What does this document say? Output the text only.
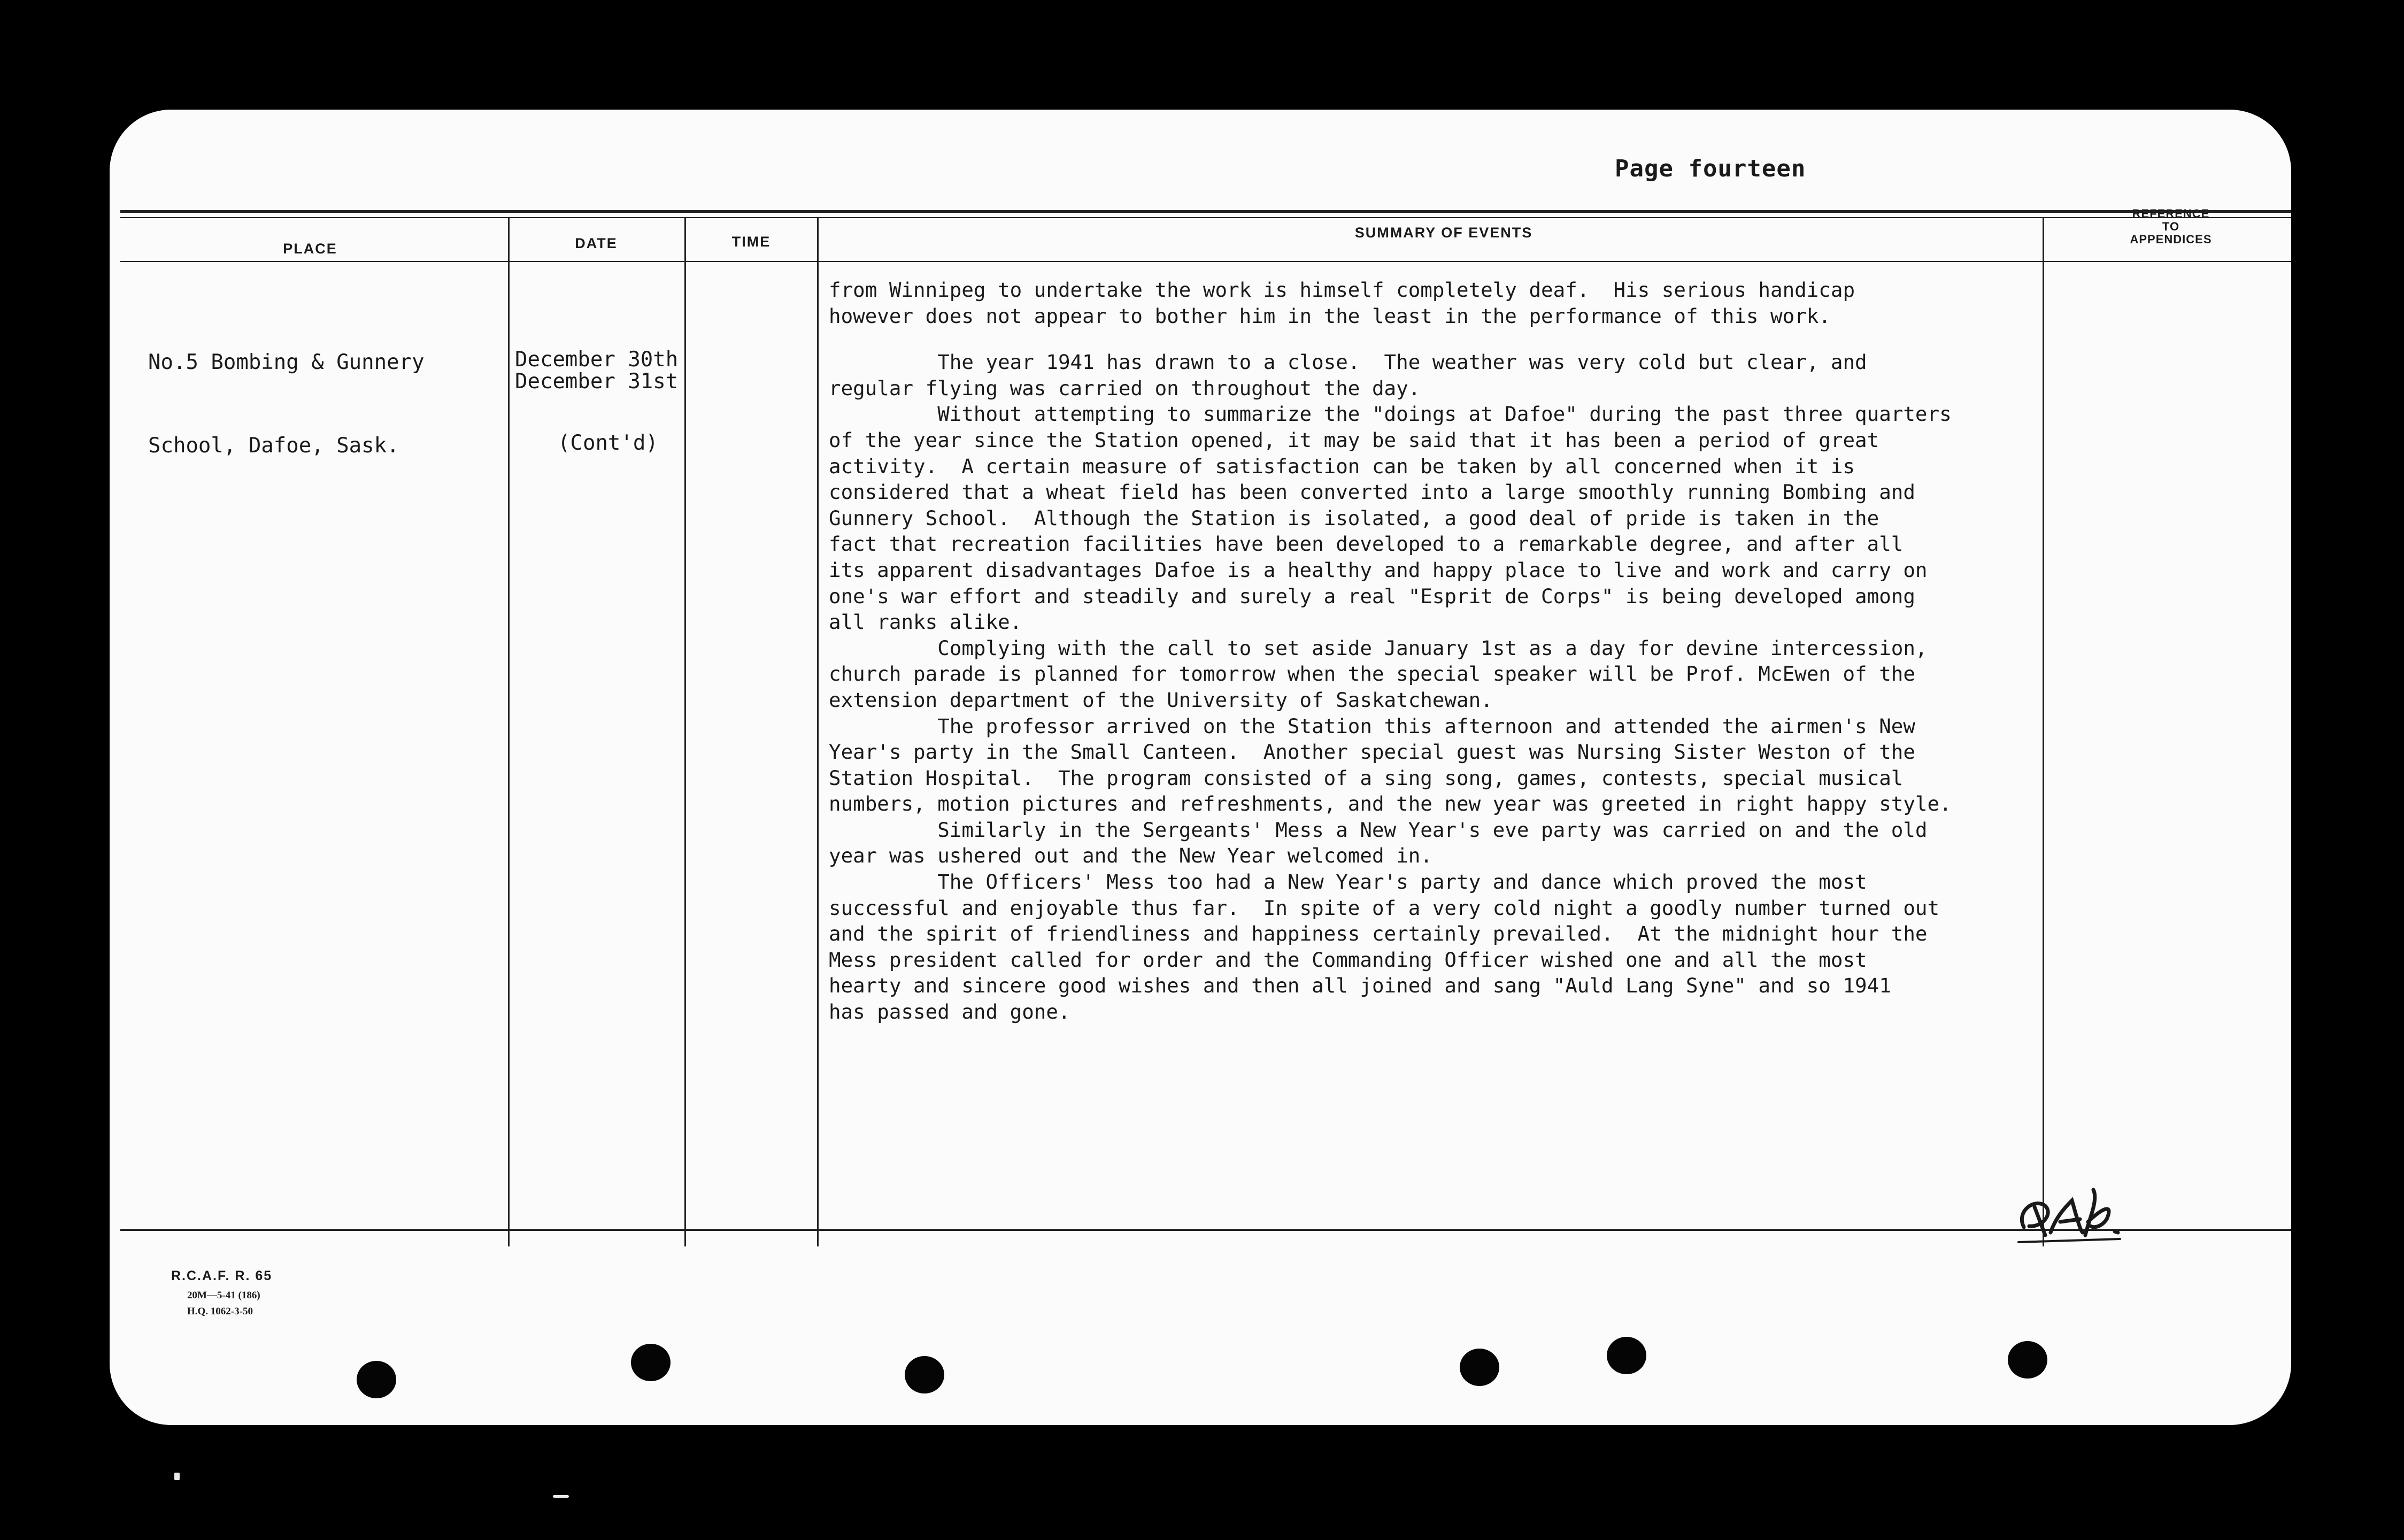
Page fourteen
PLACE	DATE	TIME
SUMMARY OF EVENTS
REFERENCE
TO
APPENDICES

No.5 Bombing & Gunnery

School, Dafoe, Sask.

December 30th

(Cont'd)

December 31st

from Winnipeg to undertake the work is himself completely deaf.  His serious handicap

however does not appear to bother him in the least in the performance of this work.

The year 1941 has drawn to a close.  The weather was very cold but clear, and

regular flying was carried on throughout the day.

Without attempting to summarize the "doings at Dafoe" during the past three quarters

of the year since the Station opened, it may be said that it has been a period of great

activity.  A certain measure of satisfaction can be taken by all concerned when it is

considered that a wheat field has been converted into a large smoothly running Bombing and

Gunnery School.  Although the Station is isolated, a good deal of pride is taken in the

fact that recreation facilities have been developed to a remarkable degree, and after all

its apparent disadvantages Dafoe is a healthy and happy place to live and work and carry on

one's war effort and steadily and surely a real "Esprit de Corps" is being developed among

all ranks alike.

Complying with the call to set aside January 1st as a day for devine intercession,

church parade is planned for tomorrow when the special speaker will be Prof. McEwen of the

extension department of the University of Saskatchewan.

The professor arrived on the Station this afternoon and attended the airmen's New

Year's party in the Small Canteen.  Another special guest was Nursing Sister Weston of the

Station Hospital.  The program consisted of a sing song, games, contests, special musical

numbers, motion pictures and refreshments, and the new year was greeted in right happy style.

Similarly in the Sergeants' Mess a New Year's eve party was carried on and the old

year was ushered out and the New Year welcomed in.

The Officers' Mess too had a New Year's party and dance which proved the most

successful and enjoyable thus far.  In spite of a very cold night a goodly number turned out

and the spirit of friendliness and happiness certainly prevailed.  At the midnight hour the

Mess president called for order and the Commanding Officer wished one and all the most

hearty and sincere good wishes and then all joined and sang "Auld Lang Syne" and so 1941

has passed and gone.

R.C.A.F. R. 65
20M—5-41 (186)
H.Q. 1062-3-50
